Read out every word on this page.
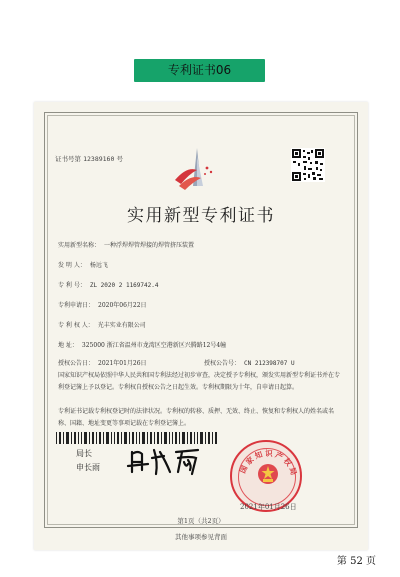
专利证书06
证书号第 12389160 号
实用新型专利证书
实用新型名称： 一种浮焊焊管焊接的焊管挤压装置
发 明 人： 杨远飞
专 利 号： ZL 2020 2 1169742.4
专利申请日： 2020年06月22日
专 利 权 人： 光丰实业有限公司
地 址： 325000 浙江省温州市龙湾区空港新区兴腾路12号4幢
授权公告日： 2021年01月26日	授权公告号： CN 212398707 U
国家知识产权局依照中华人民共和国专利法经过初步审查，决定授予专利权，颁发实用新型专利证书并在专利登记簿上予以登记。专利权自授权公告之日起生效。专利权期限为十年，自申请日起算。
专利证书记载专利权登记时的法律状况。专利权的转移、质押、无效、终止、恢复和专利权人的姓名或名称、国籍、地址变更等事项记载在专利登记簿上。
局长
申长雨	国家知识产权局
2021年01月26日
第1页（共2页）
其他事项参见背面
第 52 页
